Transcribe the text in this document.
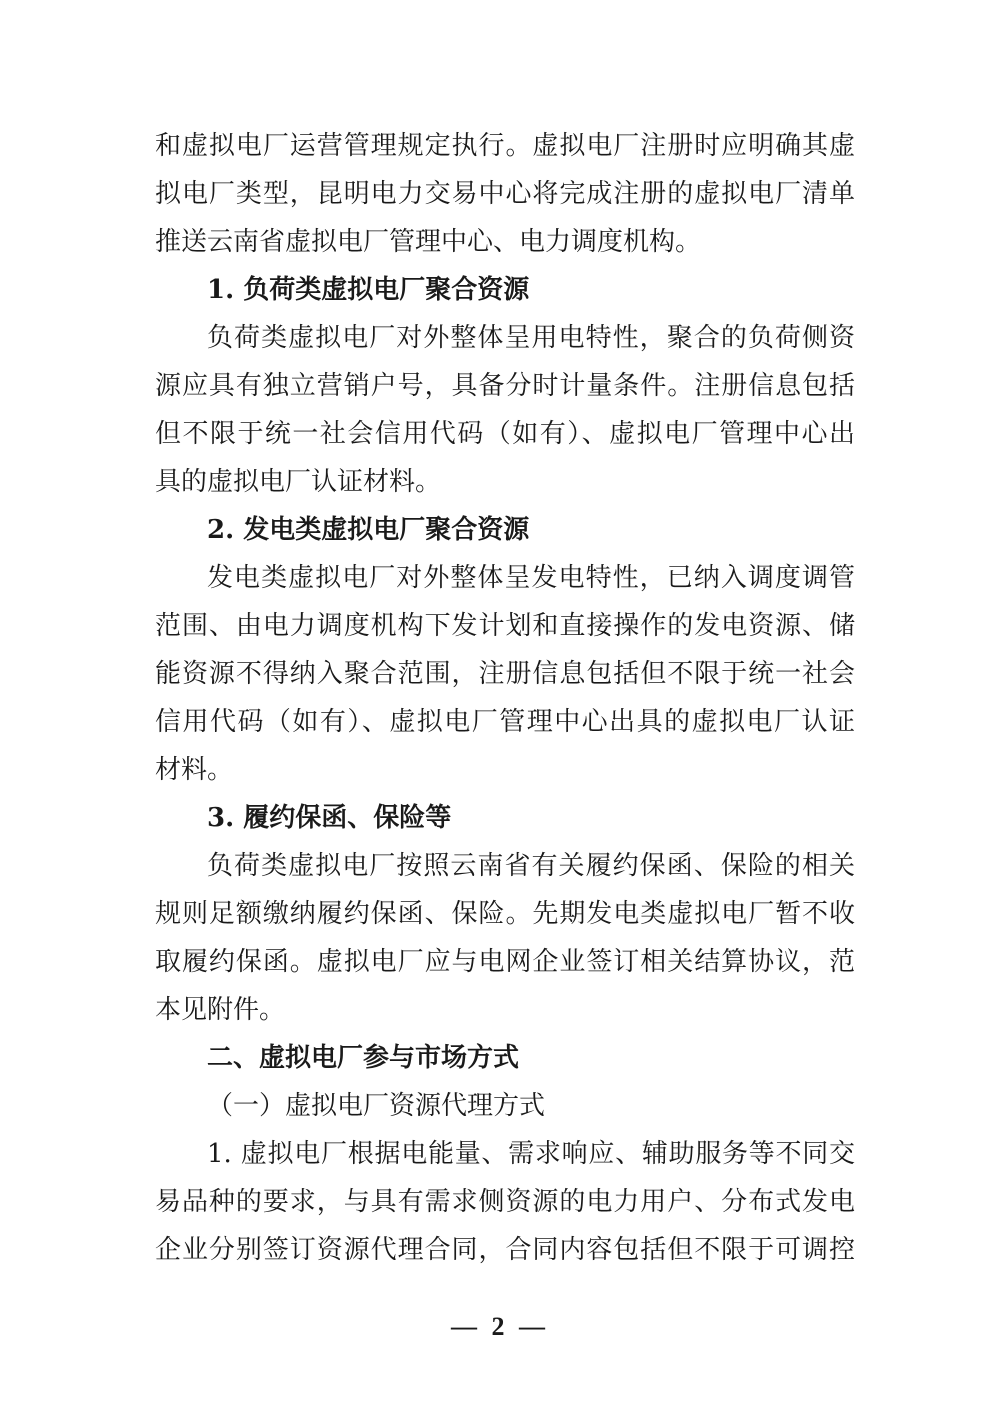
和虚拟电厂运营管理规定执行。虚拟电厂注册时应明确其虚
拟电厂类型，昆明电力交易中心将完成注册的虚拟电厂清单
推送云南省虚拟电厂管理中心、电力调度机构。
1. 负荷类虚拟电厂聚合资源
负荷类虚拟电厂对外整体呈用电特性，聚合的负荷侧资
源应具有独立营销户号，具备分时计量条件。注册信息包括
但不限于统一社会信用代码（如有）、虚拟电厂管理中心出
具的虚拟电厂认证材料。
2. 发电类虚拟电厂聚合资源
发电类虚拟电厂对外整体呈发电特性，已纳入调度调管
范围、由电力调度机构下发计划和直接操作的发电资源、储
能资源不得纳入聚合范围，注册信息包括但不限于统一社会
信用代码（如有）、虚拟电厂管理中心出具的虚拟电厂认证
材料。
3. 履约保函、保险等
负荷类虚拟电厂按照云南省有关履约保函、保险的相关
规则足额缴纳履约保函、保险。先期发电类虚拟电厂暂不收
取履约保函。虚拟电厂应与电网企业签订相关结算协议，范
本见附件。
二、虚拟电厂参与市场方式
（一）虚拟电厂资源代理方式
1. 虚拟电厂根据电能量、需求响应、辅助服务等不同交
易品种的要求，与具有需求侧资源的电力用户、分布式发电
企业分别签订资源代理合同，合同内容包括但不限于可调控
— 2 —
